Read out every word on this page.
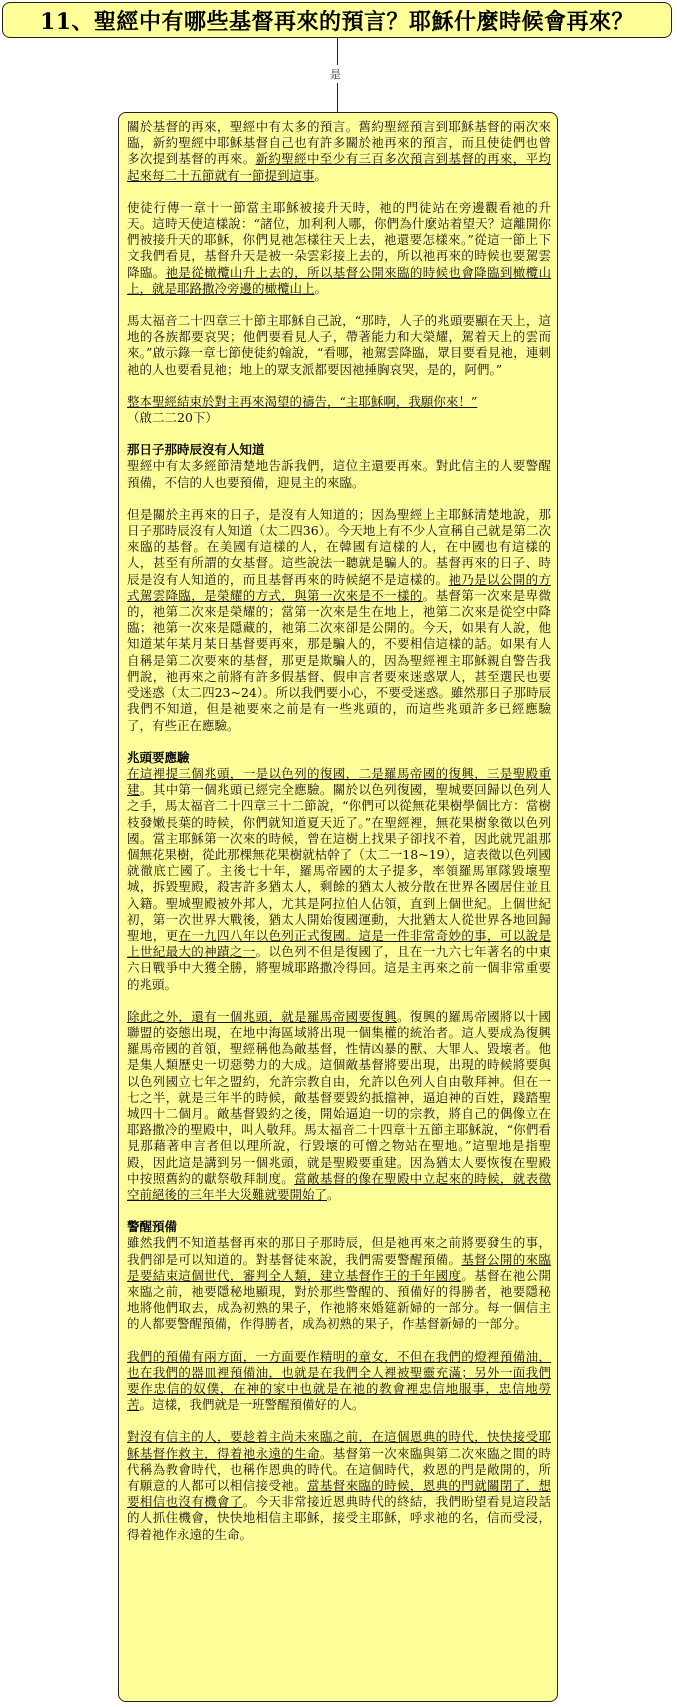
11、聖經中有哪些基督再來的預言？耶穌什麼時候會再來？
是

關於基督的再來，聖經中有太多的預言。舊約聖經預言到耶穌基督的兩次來臨，新約聖經中耶穌基督自己也有許多關於祂再來的預言，而且使徒們也曾多次提到基督的再來。新約聖經中至少有三百多次預言到基督的再來，平均起來每二十五節就有一節提到這事。

使徒行傳一章十一節當主耶穌被接升天時，祂的門徒站在旁邊觀看祂的升天。這時天使這樣說：“諸位，加利利人哪，你們為什麼站着望天？這離開你們被接升天的耶穌，你們見祂怎樣往天上去，祂還要怎樣來。”從這一節上下文我們看見，基督升天是被一朵雲彩接上去的，所以祂再來的時候也要駕雲降臨。祂是從橄欖山升上去的，所以基督公開來臨的時候也會降臨到橄欖山上，就是耶路撒冷旁邊的橄欖山上。

馬太福音二十四章三十節主耶穌自己說，“那時，人子的兆頭要顯在天上，這地的各族都要哀哭；他們要看見人子，帶著能力和大榮耀，駕着天上的雲而來。”啟示錄一章七節使徒約翰說，“看哪，祂駕雲降臨，眾目要看見祂，連刺祂的人也要看見祂；地上的眾支派都要因祂捶胸哀哭，是的，阿們。”

整本聖經結束於對主再來渴望的禱告，“主耶穌啊，我願你來！”
（啟二二20下）

那日子那時辰沒有人知道

聖經中有太多經節清楚地告訴我們，這位主還要再來。對此信主的人要警醒預備，不信的人也要預備，迎見主的來臨。

但是關於主再來的日子，是沒有人知道的；因為聖經上主耶穌清楚地說，那日子那時辰沒有人知道（太二四36）。今天地上有不少人宣稱自己就是第二次來臨的基督。在美國有這樣的人，在韓國有這樣的人，在中國也有這樣的人，甚至有所謂的女基督。這些說法一聽就是騙人的。基督再來的日子、時辰是沒有人知道的，而且基督再來的時候絕不是這樣的。祂乃是以公開的方式駕雲降臨，是榮耀的方式，與第一次來是不一樣的。基督第一次來是卑微的，祂第二次來是榮耀的；當第一次來是生在地上，祂第二次來是從空中降臨；祂第一次來是隱藏的，祂第二次來卻是公開的。今天，如果有人說，他知道某年某月某日基督要再來，那是騙人的，不要相信這樣的話。如果有人自稱是第二次要來的基督，那更是欺騙人的，因為聖經裡主耶穌親自警告我們說，祂再來之前將有許多假基督、假申言者要來迷惑眾人，甚至選民也要受迷惑（太二四23~24）。所以我們要小心，不要受迷惑。雖然那日子那時辰我們不知道，但是祂要來之前是有一些兆頭的，而這些兆頭許多已經應驗了，有些正在應驗。

兆頭要應驗

在這裡提三個兆頭，一是以色列的復國，二是羅馬帝國的復興，三是聖殿重建。其中第一個兆頭已經完全應驗。關於以色列復國，聖城要回歸以色列人之手，馬太福音二十四章三十二節說，“你們可以從無花果樹學個比方：當樹枝發嫩長葉的時候，你們就知道夏天近了。”在聖經裡，無花果樹象徵以色列國。當主耶穌第一次來的時候，曾在這樹上找果子卻找不着，因此就咒詛那個無花果樹，從此那棵無花果樹就枯幹了（太二一18~19），這表徵以色列國就徹底亡國了。主後七十年，羅馬帝國的太子提多，率領羅馬軍隊毀壞聖城，拆毀聖殿，殺害許多猶太人，剩餘的猶太人被分散在世界各國居住並且入籍。聖城聖殿被外邦人，尤其是阿拉伯人佔領，直到上個世紀。上個世紀初，第一次世界大戰後，猶太人開始復國運動，大批猶太人從世界各地回歸聖地，更在一九四八年以色列正式復國。這是一件非常奇妙的事，可以說是上世紀最大的神蹟之一。以色列不但是復國了，且在一九六七年著名的中東六日戰爭中大獲全勝，將聖城耶路撒冷得回。這是主再來之前一個非常重要的兆頭。

除此之外，還有一個兆頭，就是羅馬帝國要復興。復興的羅馬帝國將以十國聯盟的姿態出現，在地中海區域將出現一個集權的統治者。這人要成為復興羅馬帝國的首領，聖經稱他為敵基督，性情凶暴的獸、大罪人、毀壞者。他是集人類歷史一切惡勢力的大成。這個敵基督將要出現，出現的時候將要與以色列國立七年之盟約，允許宗教自由，允許以色列人自由敬拜神。但在一七之半，就是三年半的時候，敵基督要毀約抵擋神，逼迫神的百姓，踐踏聖城四十二個月。敵基督毀約之後，開始逼迫一切的宗教，將自己的偶像立在耶路撒冷的聖殿中，叫人敬拜。馬太福音二十四章十五節主耶穌說，“你們看見那藉著申言者但以理所說，行毀壞的可憎之物站在聖地。”這聖地是指聖殿，因此這是講到另一個兆頭，就是聖殿要重建。因為猶太人要恢復在聖殿中按照舊約的獻祭敬拜制度。當敵基督的像在聖殿中立起來的時候，就表徵空前絕後的三年半大災難就要開始了。

警醒預備

雖然我們不知道基督再來的那日子那時辰，但是祂再來之前將要發生的事，我們卻是可以知道的。對基督徒來說，我們需要警醒預備。基督公開的來臨是要結束這個世代，審判全人類，建立基督作王的千年國度。基督在祂公開來臨之前，祂要隱秘地顯現，對於那些警醒的、預備好的得勝者，祂要隱秘地將他們取去，成為初熟的果子，作祂將來婚筵新婦的一部分。每一個信主的人都要警醒預備，作得勝者，成為初熟的果子，作基督新婦的一部分。

我們的預備有兩方面，一方面要作精明的童女，不但在我們的燈裡預備油，也在我們的器皿裡預備油，也就是在我們全人裡被聖靈充滿；另外一面我們要作忠信的奴僕，在神的家中也就是在祂的教會裡忠信地服事，忠信地勞苦。這樣，我們就是一班警醒預備好的人。

對沒有信主的人，要趁着主尚未來臨之前，在這個恩典的時代，快快接受耶穌基督作救主，得着祂永遠的生命。基督第一次來臨與第二次來臨之間的時代稱為教會時代，也稱作恩典的時代。在這個時代，救恩的門是敞開的，所有願意的人都可以相信接受祂。當基督來臨的時候，恩典的門就關閉了，想要相信也沒有機會了。今天非常接近恩典時代的終結，我們盼望看見這段話的人抓住機會，快快地相信主耶穌，接受主耶穌，呼求祂的名，信而受浸，得着祂作永遠的生命。
